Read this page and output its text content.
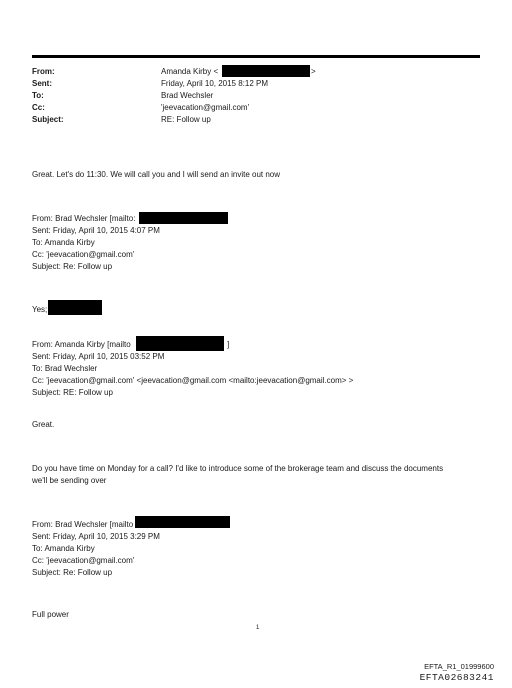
From:
Sent:
To:
Cc:
Subject:
Amanda Kirby <	>
Friday, April 10, 2015 8:12 PM
Brad Wechsler
'jeevacation@gmail.com'
RE: Follow up
Great. Let's do 11:30. We will call you and I will send an invite out now
From: Brad Wechsler [mailto:
Sent: Friday, April 10, 2015 4:07 PM
To: Amanda Kirby
Cc: 'jeevacation@gmail.com'
Subject: Re: Follow up
Yes;
From: Amanda Kirby [mailto	]
Sent: Friday, April 10, 2015 03:52 PM
To: Brad Wechsler
Cc: 'jeevacation@gmail.com' <jeevacation@gmail.com <mailto:jeevacation@gmail.com> >
Subject: RE: Follow up
Great.
Do you have time on Monday for a call? I'd like to introduce some of the brokerage team and discuss the documents
we'll be sending over
From: Brad Wechsler [mailto
Sent: Friday, April 10, 2015 3:29 PM
To: Amanda Kirby
Cc: 'jeevacation@gmail.com'
Subject: Re: Follow up
Full power
1
EFTA_R1_01999600
EFTA02683241
